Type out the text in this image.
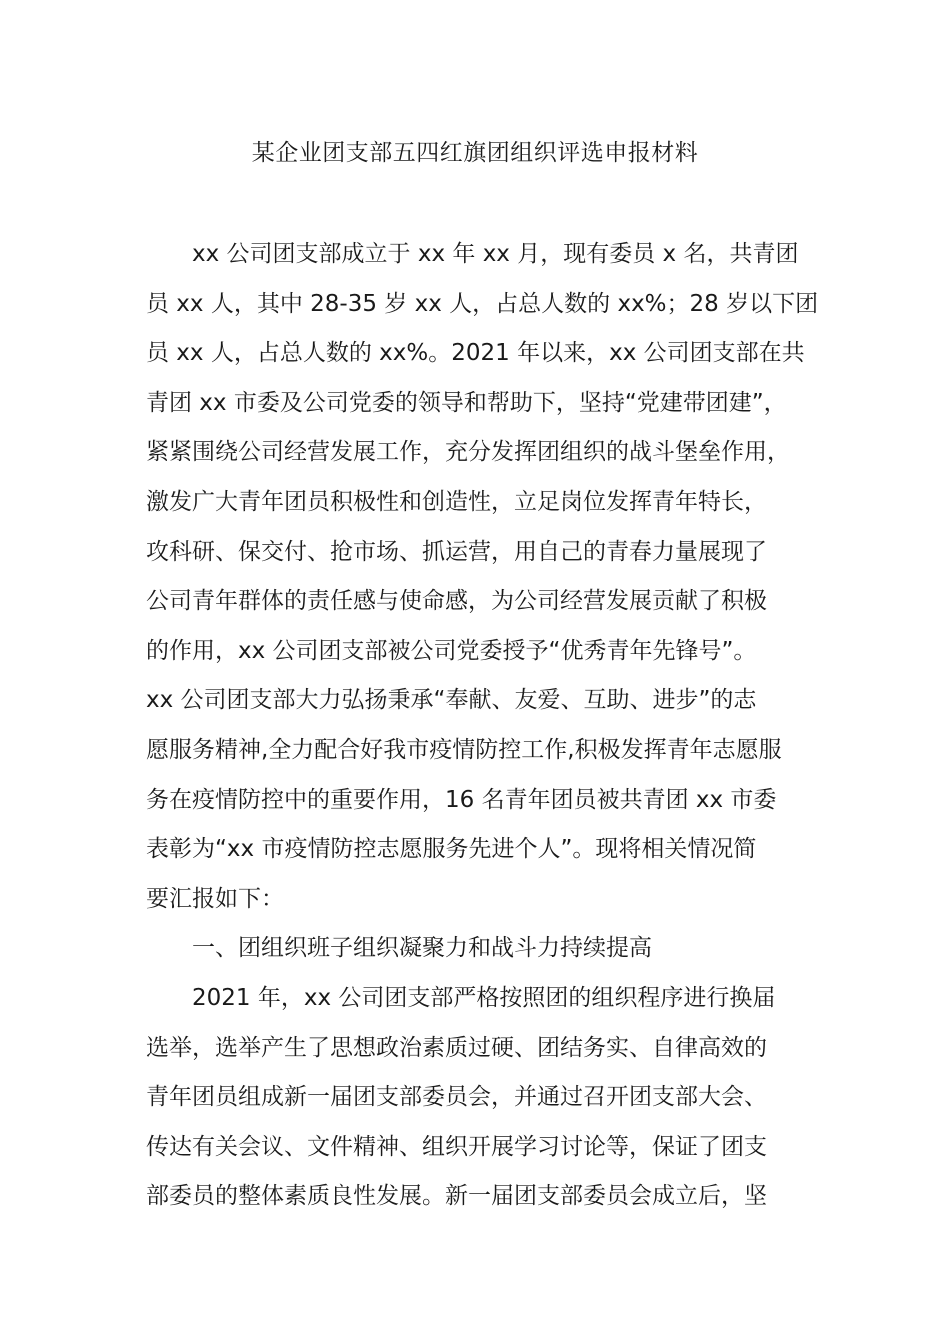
某企业团支部五四红旗团组织评选申报材料
xx 公司团支部成立于 xx 年 xx 月，现有委员 x 名，共青团
员 xx 人，其中 28-35 岁 xx 人，占总人数的 xx%；28 岁以下团
员 xx 人，占总人数的 xx%。2021 年以来，xx 公司团支部在共
青团 xx 市委及公司党委的领导和帮助下，坚持“党建带团建”，
紧紧围绕公司经营发展工作，充分发挥团组织的战斗堡垒作用，
激发广大青年团员积极性和创造性，立足岗位发挥青年特长，
攻科研、保交付、抢市场、抓运营，用自己的青春力量展现了
公司青年群体的责任感与使命感，为公司经营发展贡献了积极
的作用，xx 公司团支部被公司党委授予“优秀青年先锋号”。
xx 公司团支部大力弘扬秉承“奉献、友爱、互助、进步”的志
愿服务精神,全力配合好我市疫情防控工作,积极发挥青年志愿服
务在疫情防控中的重要作用，16 名青年团员被共青团 xx 市委
表彰为“xx 市疫情防控志愿服务先进个人”。现将相关情况简
要汇报如下：
一、团组织班子组织凝聚力和战斗力持续提高
2021 年，xx 公司团支部严格按照团的组织程序进行换届
选举，选举产生了思想政治素质过硬、团结务实、自律高效的
青年团员组成新一届团支部委员会，并通过召开团支部大会、
传达有关会议、文件精神、组织开展学习讨论等，保证了团支
部委员的整体素质良性发展。新一届团支部委员会成立后，坚
